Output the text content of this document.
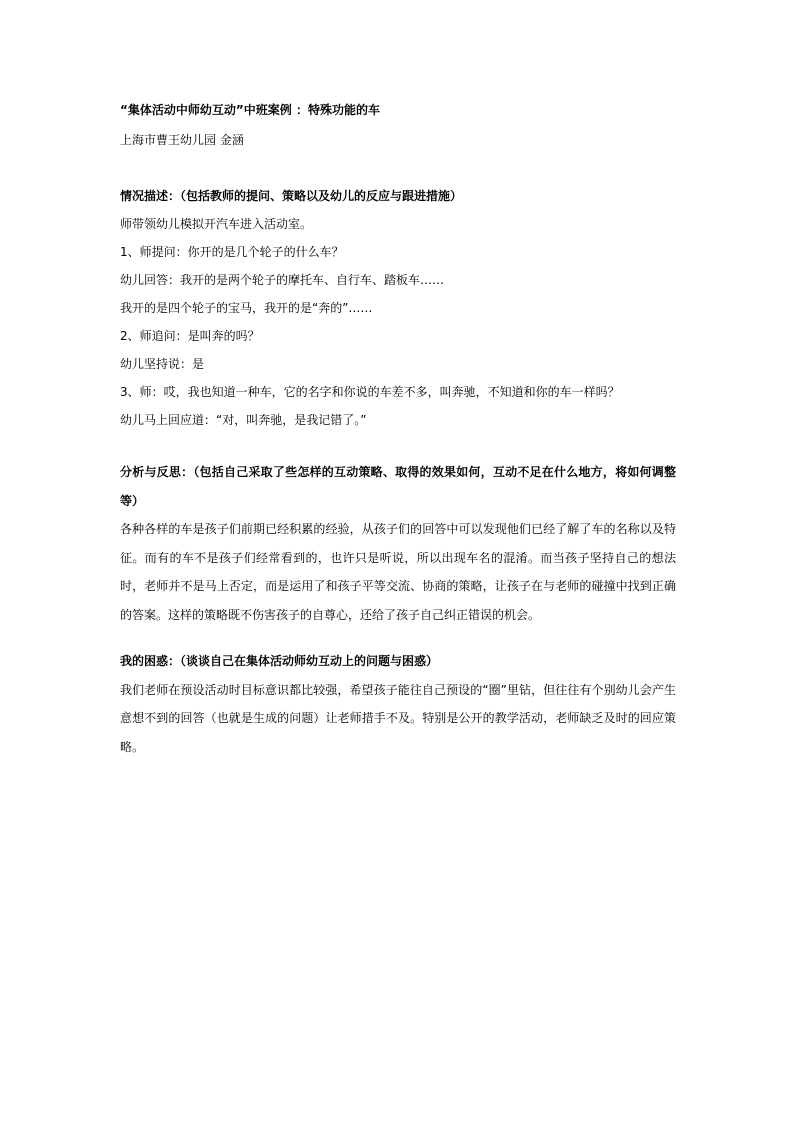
“集体活动中师幼互动”中班案例 ：特殊功能的车
上海市曹王幼儿园 金涵
情况描述：（包括教师的提问、策略以及幼儿的反应与跟进措施）
师带领幼儿模拟开汽车进入活动室。
1、师提问：你开的是几个轮子的什么车？
幼儿回答：我开的是两个轮子的摩托车、自行车、踏板车……
我开的是四个轮子的宝马，我开的是“奔的”……
2、师追问：是叫奔的吗？
幼儿坚持说：是
3、师：哎，我也知道一种车，它的名字和你说的车差不多，叫奔驰，不知道和你的车一样吗？
幼儿马上回应道：“对，叫奔驰，是我记错了。”
分析与反思：（包括自己采取了些怎样的互动策略、取得的效果如何，互动不足在什么地方，将如何调整等）
各种各样的车是孩子们前期已经积累的经验，从孩子们的回答中可以发现他们已经了解了车的名称以及特征。而有的车不是孩子们经常看到的，也许只是听说，所以出现车名的混淆。而当孩子坚持自己的想法时，老师并不是马上否定，而是运用了和孩子平等交流、协商的策略，让孩子在与老师的碰撞中找到正确的答案。这样的策略既不伤害孩子的自尊心，还给了孩子自己纠正错误的机会。
我的困惑：（谈谈自己在集体活动师幼互动上的问题与困惑）
我们老师在预设活动时目标意识都比较强，希望孩子能往自己预设的“圈”里钻，但往往有个别幼儿会产生意想不到的回答（也就是生成的问题）让老师措手不及。特别是公开的教学活动，老师缺乏及时的回应策略。
